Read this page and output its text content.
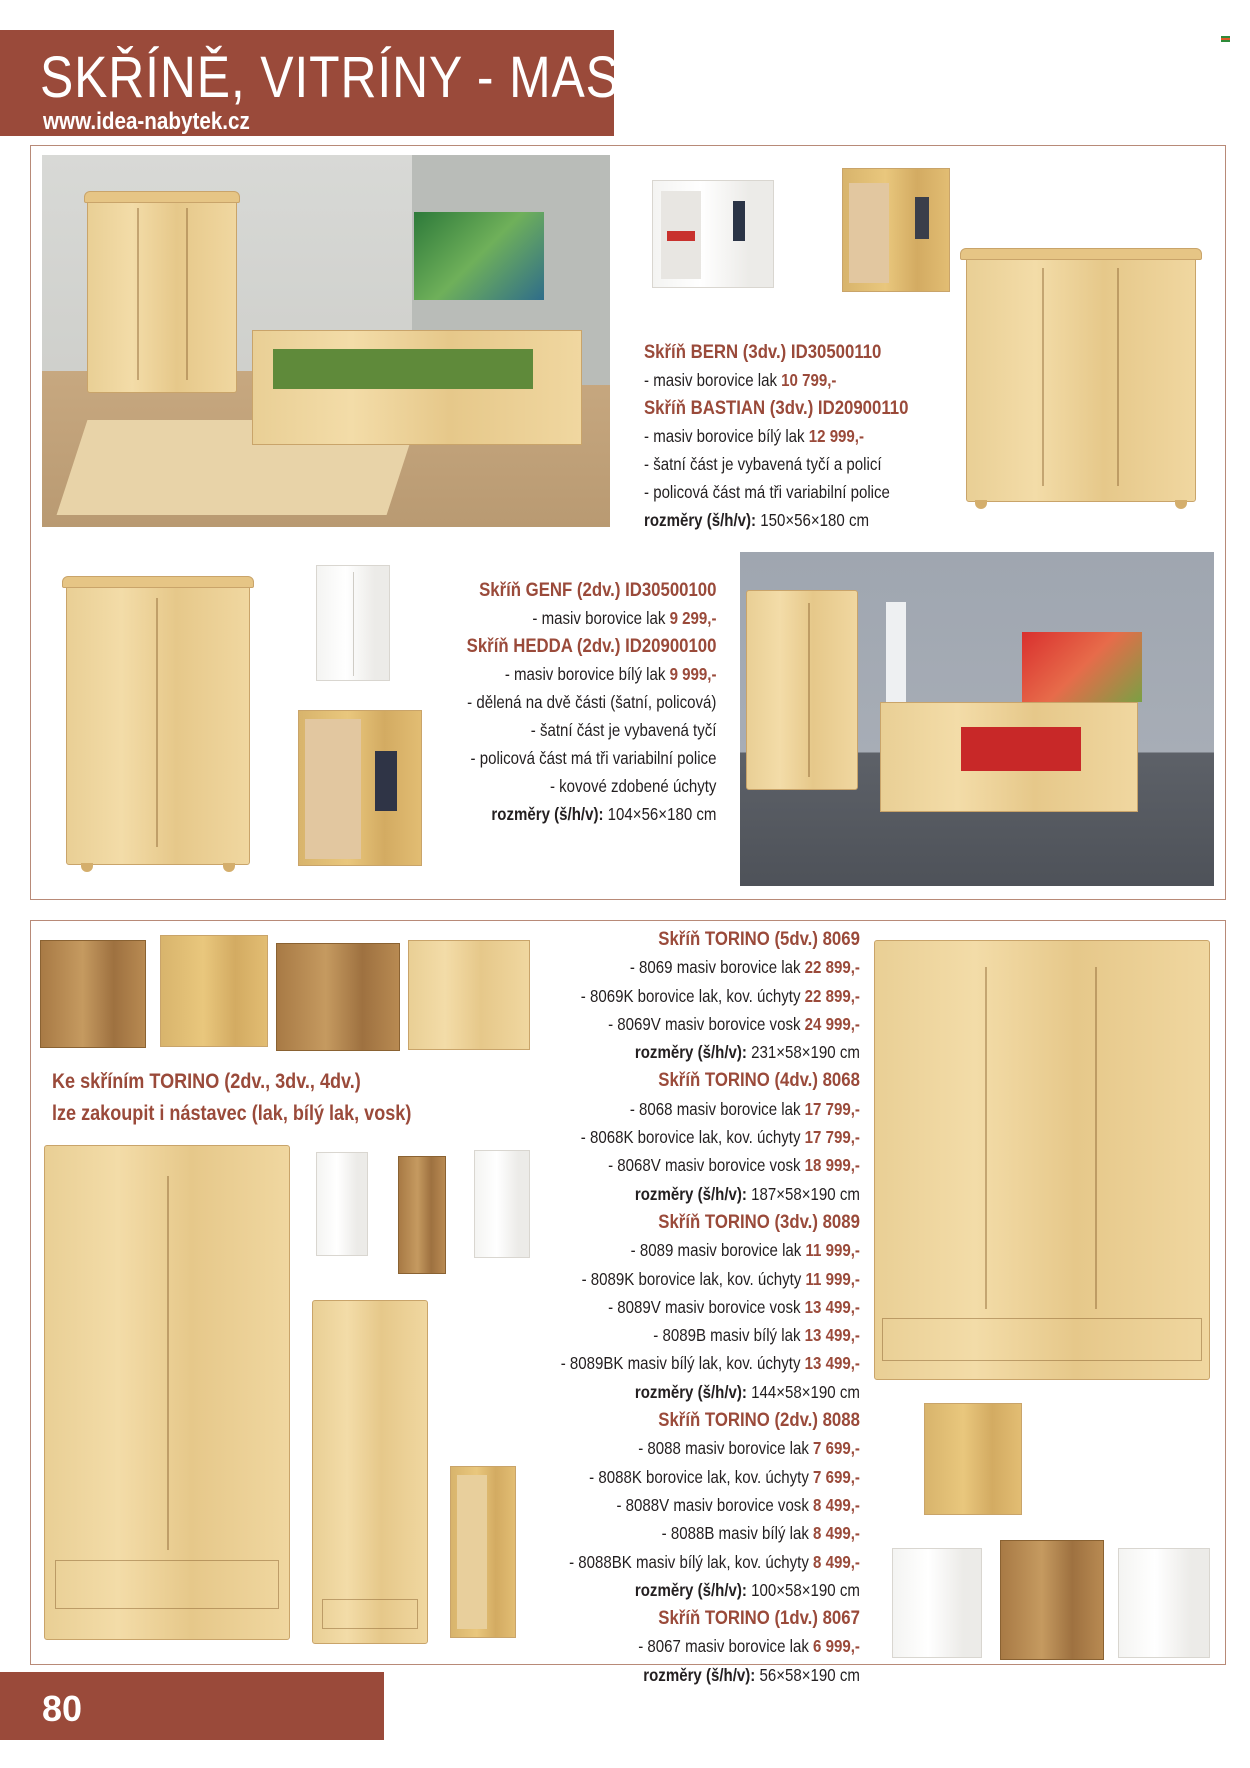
SKŘÍNĚ, VITRÍNY - MASIV
www.idea-nabytek.cz
Skříň BERN (3dv.) ID30500110
- masiv borovice lak 10 799,-
Skříň BASTIAN (3dv.) ID20900110
- masiv borovice bílý lak 12 999,-
- šatní část je vybavená tyčí a policí
- policová část má tři variabilní police
rozměry (š/h/v): 150×56×180 cm
Skříň GENF (2dv.) ID30500100
- masiv borovice lak 9 299,-
Skříň HEDDA (2dv.) ID20900100
- masiv borovice bílý lak 9 999,-
- dělená na dvě části (šatní, policová)
- šatní část je vybavená tyčí
- policová část má tři variabilní police
- kovové zdobené úchyty
rozměry (š/h/v): 104×56×180 cm
Ke skříním TORINO (2dv., 3dv., 4dv.)
lze zakoupit i nástavec (lak, bílý lak, vosk)
Skříň TORINO (5dv.) 8069
- 8069 masiv borovice lak 22 899,-
- 8069K borovice lak, kov. úchyty 22 899,-
- 8069V masiv borovice vosk 24 999,-
rozměry (š/h/v): 231×58×190 cm
Skříň TORINO (4dv.) 8068
- 8068 masiv borovice lak 17 799,-
- 8068K borovice lak, kov. úchyty 17 799,-
- 8068V masiv borovice vosk 18 999,-
rozměry (š/h/v): 187×58×190 cm
Skříň TORINO (3dv.) 8089
- 8089 masiv borovice lak 11 999,-
- 8089K borovice lak, kov. úchyty 11 999,-
- 8089V masiv borovice vosk 13 499,-
- 8089B masiv bílý lak 13 499,-
- 8089BK masiv bílý lak, kov. úchyty 13 499,-
rozměry (š/h/v): 144×58×190 cm
Skříň TORINO (2dv.) 8088
- 8088 masiv borovice lak 7 699,-
- 8088K borovice lak, kov. úchyty 7 699,-
- 8088V masiv borovice vosk 8 499,-
- 8088B masiv bílý lak 8 499,-
- 8088BK masiv bílý lak, kov. úchyty 8 499,-
rozměry (š/h/v): 100×58×190 cm
Skříň TORINO (1dv.) 8067
- 8067 masiv borovice lak 6 999,-
rozměry (š/h/v): 56×58×190 cm
80
